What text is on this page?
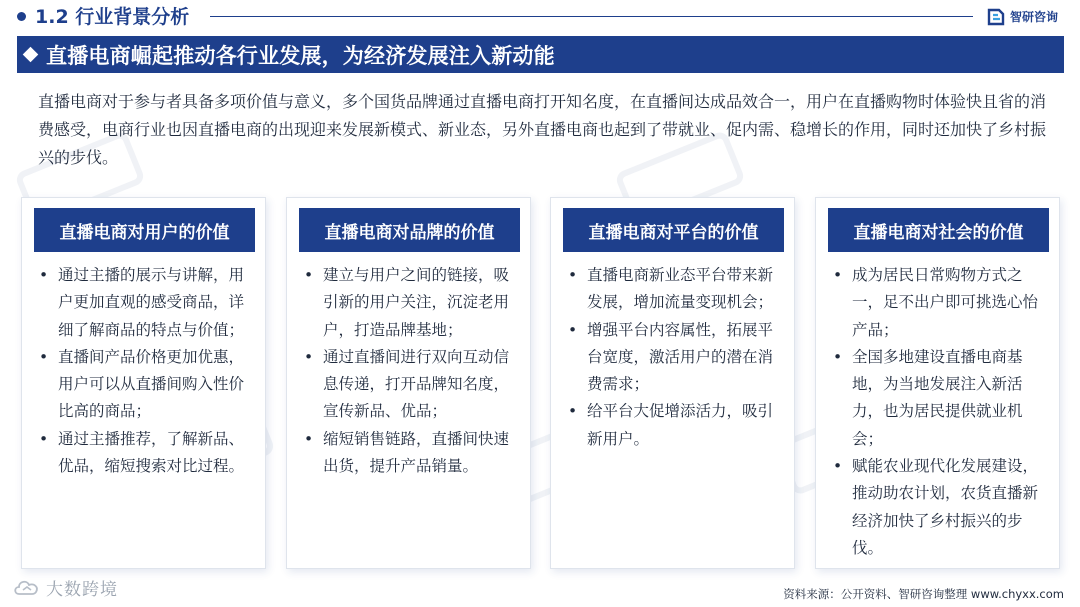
1.2 行业背景分析	智研咨询
直播电商崛起推动各行业发展，为经济发展注入新动能

直播电商对于参与者具备多项价值与意义，多个国货品牌通过直播电商打开知名度，在直播间达成品效合一，用户在直播购物时体验快且省的消费感受，电商行业也因直播电商的出现迎来发展新模式、新业态，另外直播电商也起到了带就业、促内需、稳增长的作用，同时还加快了乡村振兴的步伐。

直播电商对用户的价值
• 通过主播的展示与讲解，用户更加直观的感受商品，详细了解商品的特点与价值；
• 直播间产品价格更加优惠，用户可以从直播间购入性价比高的商品；
• 通过主播推荐，了解新品、优品，缩短搜索对比过程。
直播电商对品牌的价值
• 建立与用户之间的链接，吸引新的用户关注，沉淀老用户，打造品牌基地；
• 通过直播间进行双向互动信息传递，打开品牌知名度，宣传新品、优品；
• 缩短销售链路，直播间快速出货，提升产品销量。
直播电商对平台的价值
• 直播电商新业态平台带来新发展，增加流量变现机会；
• 增强平台内容属性，拓展平台宽度，激活用户的潜在消费需求；
• 给平台大促增添活力，吸引新用户。
直播电商对社会的价值
• 成为居民日常购物方式之一，足不出户即可挑选心怡产品；
• 全国多地建设直播电商基地，为当地发展注入新活力，也为居民提供就业机会；
• 赋能农业现代化发展建设，推动助农计划，农货直播新经济加快了乡村振兴的步伐。
大数跨境	资料来源：公开资料、智研咨询整理 www.chyxx.com
